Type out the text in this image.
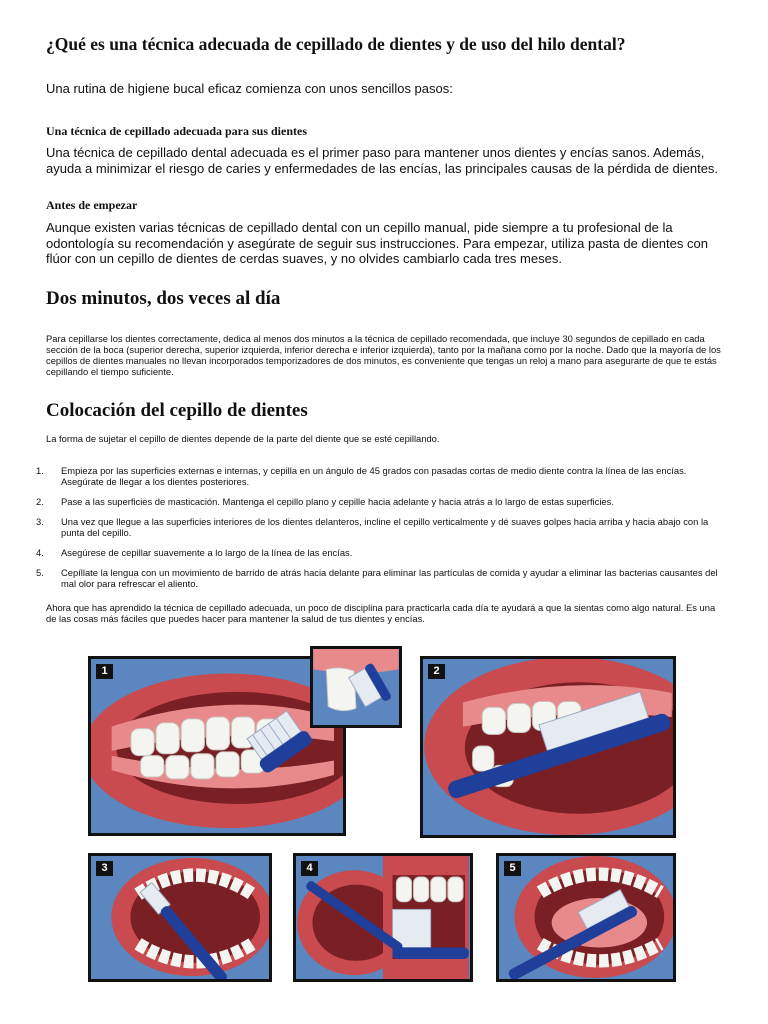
¿Qué es una técnica adecuada de cepillado de dientes y de uso del hilo dental?

Una rutina de higiene bucal eficaz comienza con unos sencillos pasos:

Una técnica de cepillado adecuada para sus dientes

Una técnica de cepillado dental adecuada es el primer paso para mantener unos dientes y encías sanos. Además, ayuda a minimizar el riesgo de caries y enfermedades de las encías, las principales causas de la pérdida de dientes.

Antes de empezar

Aunque existen varias técnicas de cepillado dental con un cepillo manual, pide siempre a tu profesional de la odontología su recomendación y asegúrate de seguir sus instrucciones. Para empezar, utiliza pasta de dientes con flúor con un cepillo de dientes de cerdas suaves, y no olvides cambiarlo cada tres meses.

Dos minutos, dos veces al día

Para cepillarse los dientes correctamente, dedica al menos dos minutos a la técnica de cepillado recomendada, que incluye 30 segundos de cepillado en cada sección de la boca (superior derecha, superior izquierda, inferior derecha e inferior izquierda), tanto por la mañana como por la noche. Dado que la mayoría de los cepillos de dientes manuales no llevan incorporados temporizadores de dos minutos, es conveniente que tengas un reloj a mano para asegurarte de que te estás cepillando el tiempo suficiente.

Colocación del cepillo de dientes

La forma de sujetar el cepillo de dientes depende de la parte del diente que se esté cepillando.

1. Empieza por las superficies externas e internas, y cepilla en un ángulo de 45 grados con pasadas cortas de medio diente contra la línea de las encías. Asegúrate de llegar a los dientes posteriores.
2. Pase a las superficies de masticación. Mantenga el cepillo plano y cepille hacia adelante y hacia atrás a lo largo de estas superficies.
3. Una vez que llegue a las superficies interiores de los dientes delanteros, incline el cepillo verticalmente y dé suaves golpes hacia arriba y hacia abajo con la punta del cepillo.
4. Asegúrese de cepillar suavemente a lo largo de la línea de las encías.
5. Cepíllate la lengua con un movimiento de barrido de atrás hacia delante para eliminar las partículas de comida y ayudar a eliminar las bacterias causantes del mal olor para refrescar el aliento.

Ahora que has aprendido la técnica de cepillado adecuada, un poco de disciplina para practicarla cada día te ayudará a que la sientas como algo natural. Es una de las cosas más fáciles que puedes hacer para mantener la salud de tus dientes y encías.

1	2
3	4	5
